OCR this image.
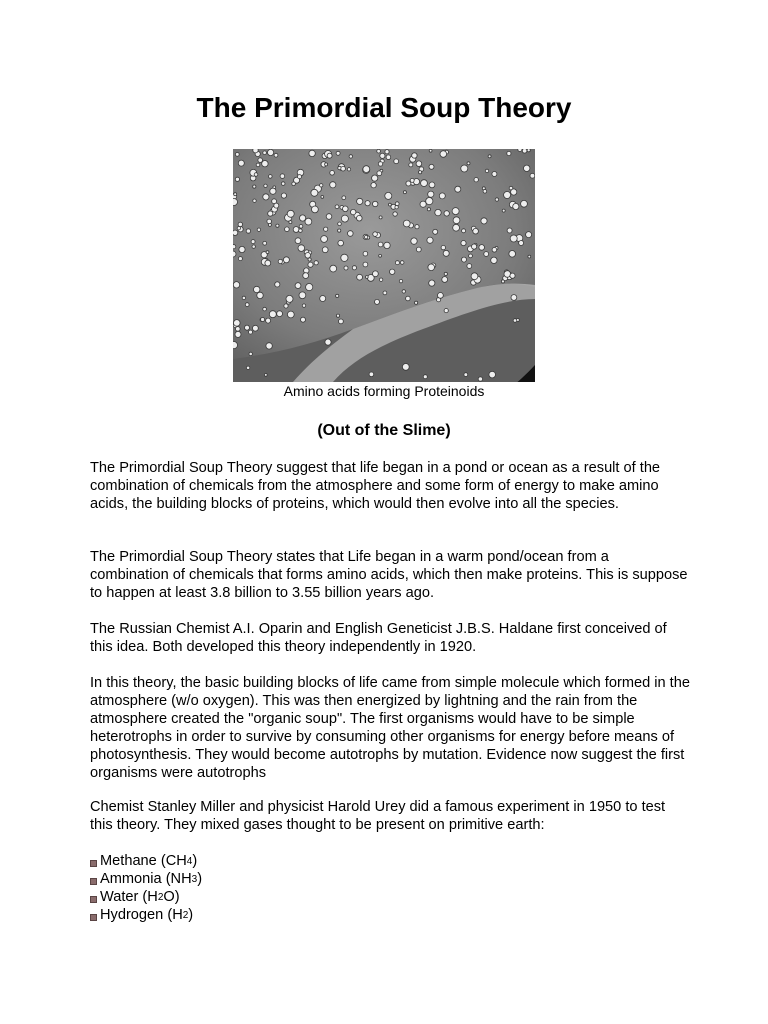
The Primordial Soup Theory
Amino acids forming Proteinoids
(Out of the Slime)

The Primordial Soup Theory suggest that life began in a pond or ocean as a result of the combination of chemicals from the atmosphere and some form of energy to make amino acids, the building blocks of proteins, which would then evolve into all the species.

The Primordial Soup Theory states that Life began in a warm pond/ocean from a combination of chemicals that forms amino acids, which then make proteins. This is suppose to happen at least 3.8 billion to 3.55 billion years ago.

The Russian Chemist A.I. Oparin and English Geneticist J.B.S. Haldane first conceived of this idea. Both developed this theory independently in 1920.

In this theory, the basic building blocks of life came from simple molecule which formed in the atmosphere (w/o oxygen). This was then energized by lightning and the rain from the atmosphere created the "organic soup". The first organisms would have to be simple heterotrophs in order to survive by consuming other organisms for energy before means of photosynthesis. They would become autotrophs by mutation. Evidence now suggest the first organisms were autotrophs

Chemist Stanley Miller and physicist Harold Urey did a famous experiment in 1950 to test this theory. They mixed gases thought to be present on primitive earth:

Methane ($CH_4$ )
Ammonia ($NH_3$ )
Water ($H_2$ O)
Hydrogen ($H_2$ )
